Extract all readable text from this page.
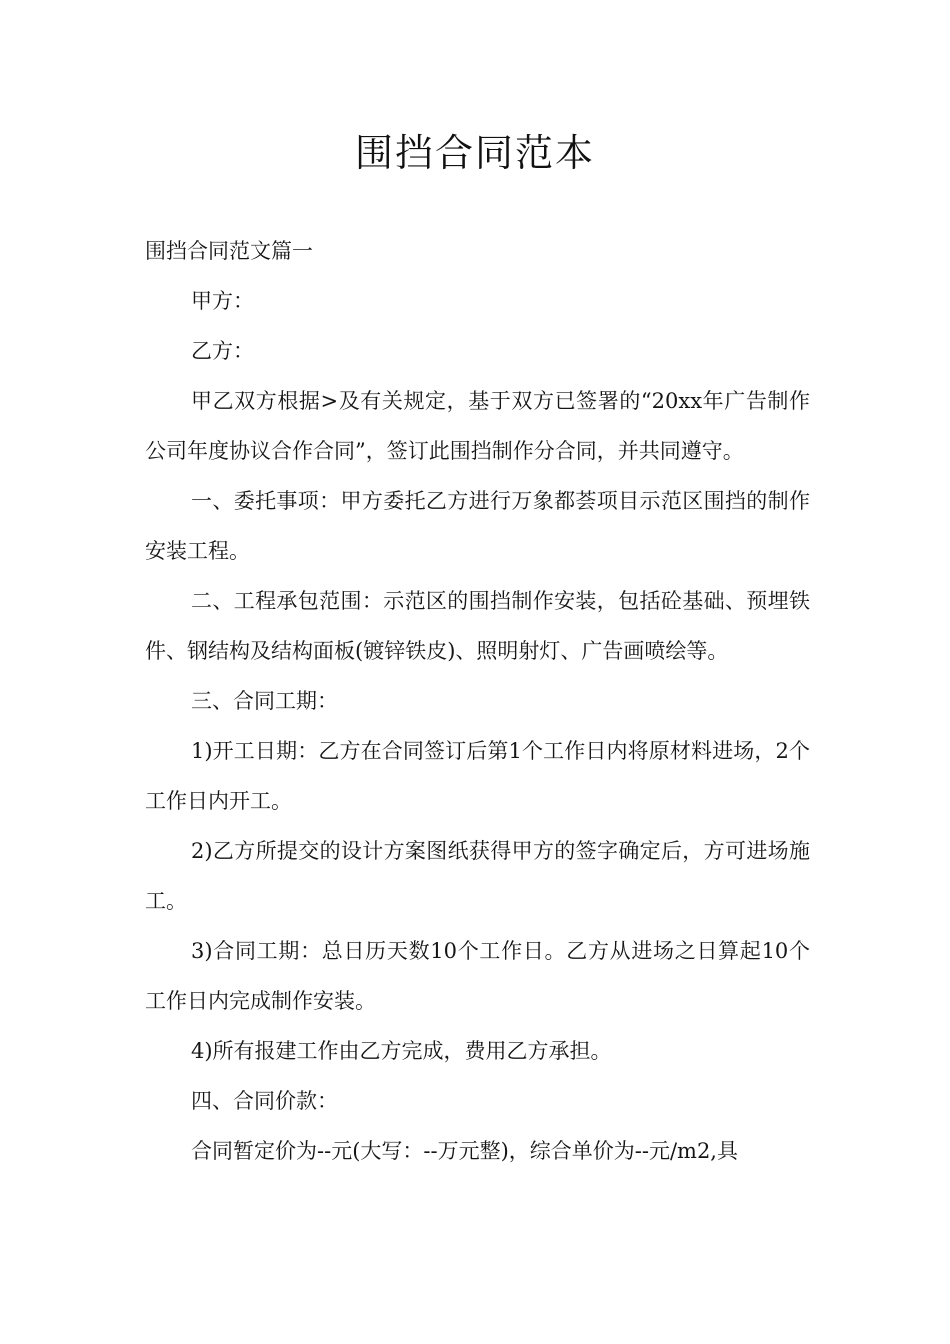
围挡合同范本

围挡合同范文篇一

甲方：

乙方：

甲乙双方根据>及有关规定，基于双方已签署的“20xx年广告制作公司年度协议合作合同”，签订此围挡制作分合同，并共同遵守。

一、委托事项：甲方委托乙方进行万象都荟项目示范区围挡的制作安装工程。

二、工程承包范围：示范区的围挡制作安装，包括砼基础、预埋铁件、钢结构及结构面板(镀锌铁皮)、照明射灯、广告画喷绘等。

三、合同工期：

1)开工日期：乙方在合同签订后第1个工作日内将原材料进场，2个工作日内开工。

2)乙方所提交的设计方案图纸获得甲方的签字确定后，方可进场施工。

3)合同工期：总日历天数10个工作日。乙方从进场之日算起10个工作日内完成制作安装。

4)所有报建工作由乙方完成，费用乙方承担。

四、合同价款：

合同暂定价为--元(大写：--万元整)，综合单价为--元/m2,具
